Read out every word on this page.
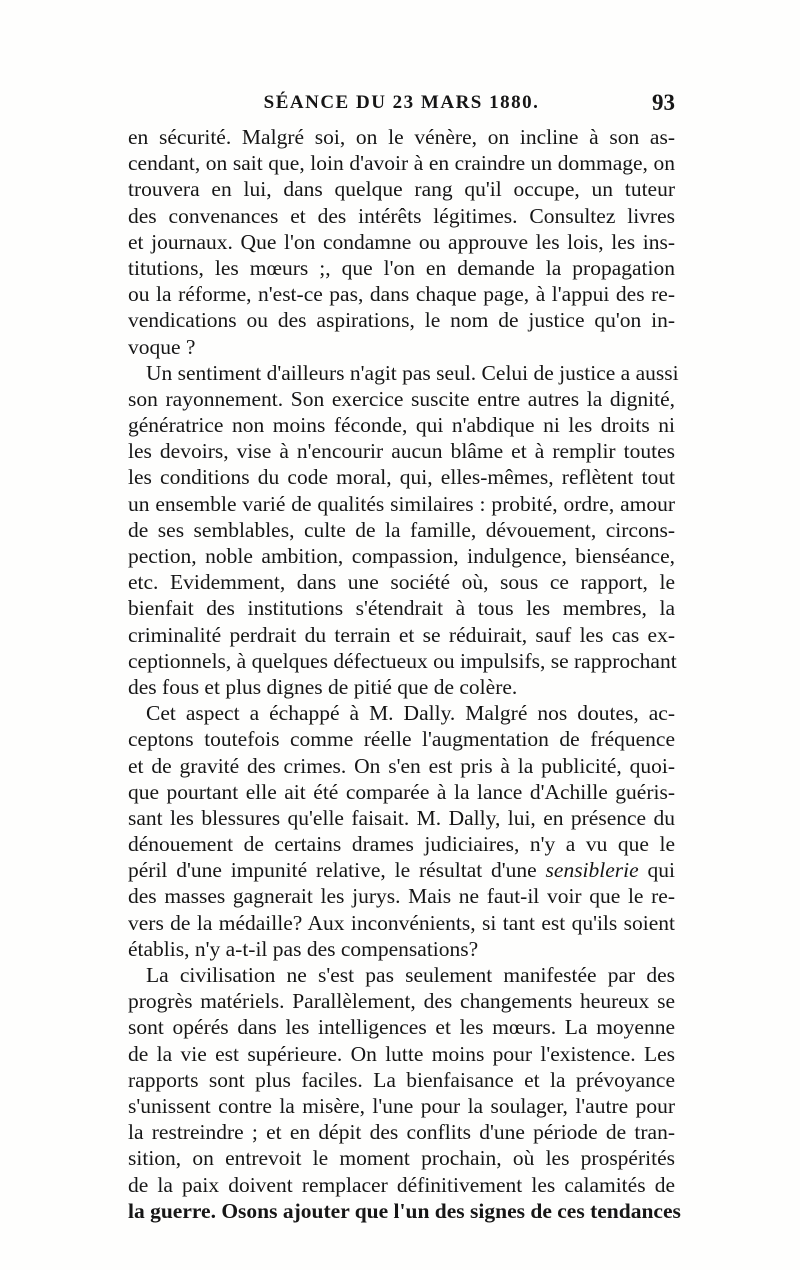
SÉANCE DU 23 MARS 1880.	93
en sécurité. Malgré soi, on le vénère, on incline à son as-
cendant, on sait que, loin d'avoir à en craindre un dommage, on
trouvera en lui, dans quelque rang qu'il occupe, un tuteur
des convenances et des intérêts légitimes. Consultez livres
et journaux. Que l'on condamne ou approuve les lois, les ins-
titutions, les mœurs ;, que l'on en demande la propagation
ou la réforme, n'est-ce pas, dans chaque page, à l'appui des re-
vendications ou des aspirations, le nom de justice qu'on in-
voque ?
Un sentiment d'ailleurs n'agit pas seul. Celui de justice a aussi
son rayonnement. Son exercice suscite entre autres la dignité,
génératrice non moins féconde, qui n'abdique ni les droits ni
les devoirs, vise à n'encourir aucun blâme et à remplir toutes
les conditions du code moral, qui, elles-mêmes, reflètent tout
un ensemble varié de qualités similaires : probité, ordre, amour
de ses semblables, culte de la famille, dévouement, circons-
pection, noble ambition, compassion, indulgence, bienséance,
etc. Evidemment, dans une société où, sous ce rapport, le
bienfait des institutions s'étendrait à tous les membres, la
criminalité perdrait du terrain et se réduirait, sauf les cas ex-
ceptionnels, à quelques défectueux ou impulsifs, se rapprochant
des fous et plus dignes de pitié que de colère.
Cet aspect a échappé à M. Dally. Malgré nos doutes, ac-
ceptons toutefois comme réelle l'augmentation de fréquence
et de gravité des crimes. On s'en est pris à la publicité, quoi-
que pourtant elle ait été comparée à la lance d'Achille guéris-
sant les blessures qu'elle faisait. M. Dally, lui, en présence du
dénouement de certains drames judiciaires, n'y a vu que le
péril d'une impunité relative, le résultat d'une sensiblerie qui
des masses gagnerait les jurys. Mais ne faut-il voir que le re-
vers de la médaille? Aux inconvénients, si tant est qu'ils soient
établis, n'y a-t-il pas des compensations?
La civilisation ne s'est pas seulement manifestée par des
progrès matériels. Parallèlement, des changements heureux se
sont opérés dans les intelligences et les mœurs. La moyenne
de la vie est supérieure. On lutte moins pour l'existence. Les
rapports sont plus faciles. La bienfaisance et la prévoyance
s'unissent contre la misère, l'une pour la soulager, l'autre pour
la restreindre ; et en dépit des conflits d'une période de tran-
sition, on entrevoit le moment prochain, où les prospérités
de la paix doivent remplacer définitivement les calamités de
la guerre. Osons ajouter que l'un des signes de ces tendances
